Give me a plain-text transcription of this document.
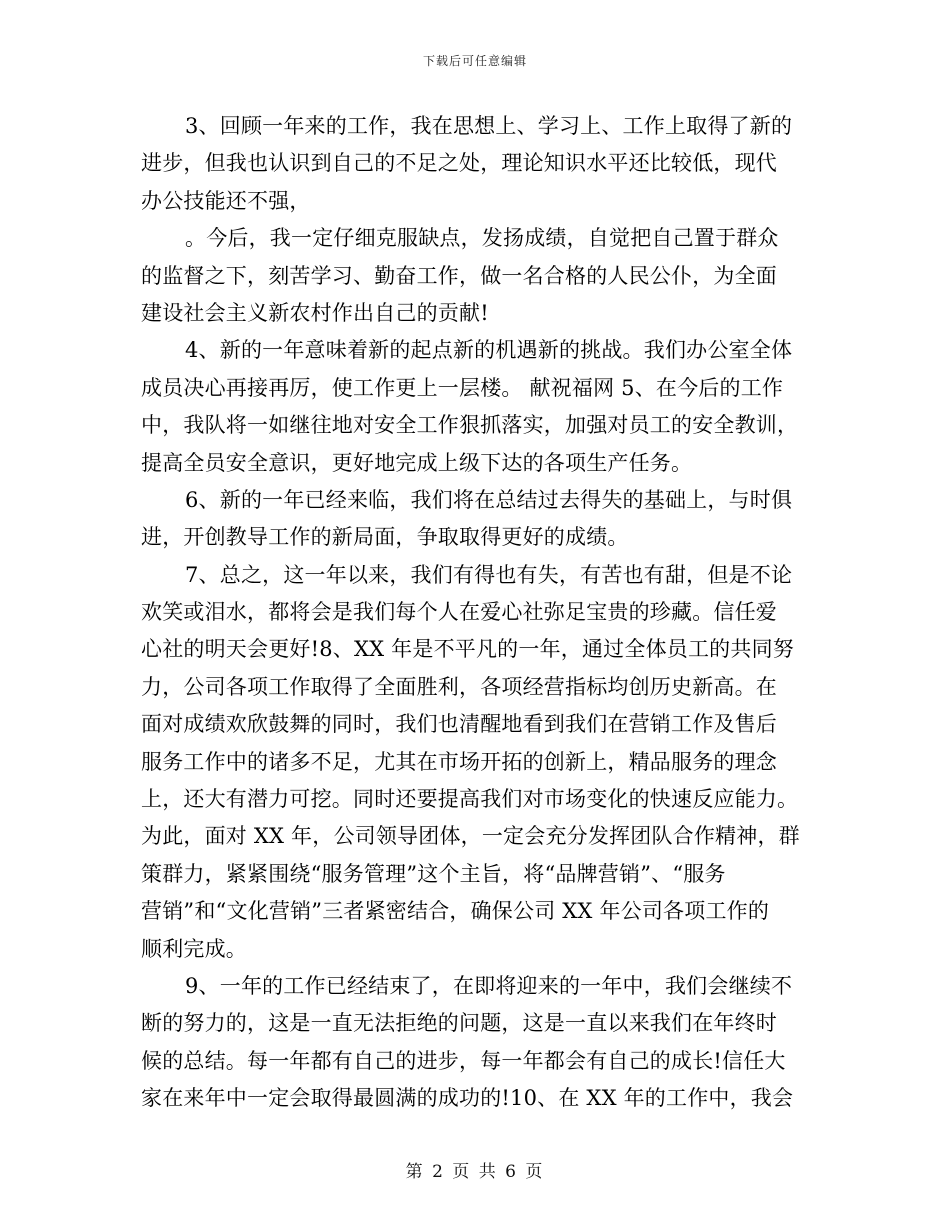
下载后可任意编辑
3、回顾一年来的工作，我在思想上、学习上、工作上取得了新的
进步，但我也认识到自己的不足之处，理论知识水平还比较低，现代
办公技能还不强，
。今后，我一定仔细克服缺点，发扬成绩，自觉把自己置于群众
的监督之下，刻苦学习、勤奋工作，做一名合格的人民公仆，为全面
建设社会主义新农村作出自己的贡献!
4、新的一年意味着新的起点新的机遇新的挑战。我们办公室全体
成员决心再接再厉，使工作更上一层楼。 献祝福网 5、在今后的工作
中，我队将一如继往地对安全工作狠抓落实，加强对员工的安全教训，
提高全员安全意识，更好地完成上级下达的各项生产任务。
6、新的一年已经来临，我们将在总结过去得失的基础上，与时俱
进，开创教导工作的新局面，争取取得更好的成绩。
7、总之，这一年以来，我们有得也有失，有苦也有甜，但是不论
欢笑或泪水，都将会是我们每个人在爱心社弥足宝贵的珍藏。信任爱
心社的明天会更好!8、XX 年是不平凡的一年，通过全体员工的共同努
力，公司各项工作取得了全面胜利，各项经营指标均创历史新高。在
面对成绩欢欣鼓舞的同时，我们也清醒地看到我们在营销工作及售后
服务工作中的诸多不足，尤其在市场开拓的创新上，精品服务的理念
上，还大有潜力可挖。同时还要提高我们对市场变化的快速反应能力。
为此，面对 XX 年，公司领导团体，一定会充分发挥团队合作精神，群
策群力，紧紧围绕“服务管理”这个主旨，将“品牌营销”、“服务
营销”和“文化营销”三者紧密结合，确保公司 XX 年公司各项工作的
顺利完成。
9、一年的工作已经结束了，在即将迎来的一年中，我们会继续不
断的努力的，这是一直无法拒绝的问题，这是一直以来我们在年终时
候的总结。每一年都有自己的进步，每一年都会有自己的成长!信任大
家在来年中一定会取得最圆满的成功的!10、在 XX 年的工作中，我会
第 2 页 共 6 页
